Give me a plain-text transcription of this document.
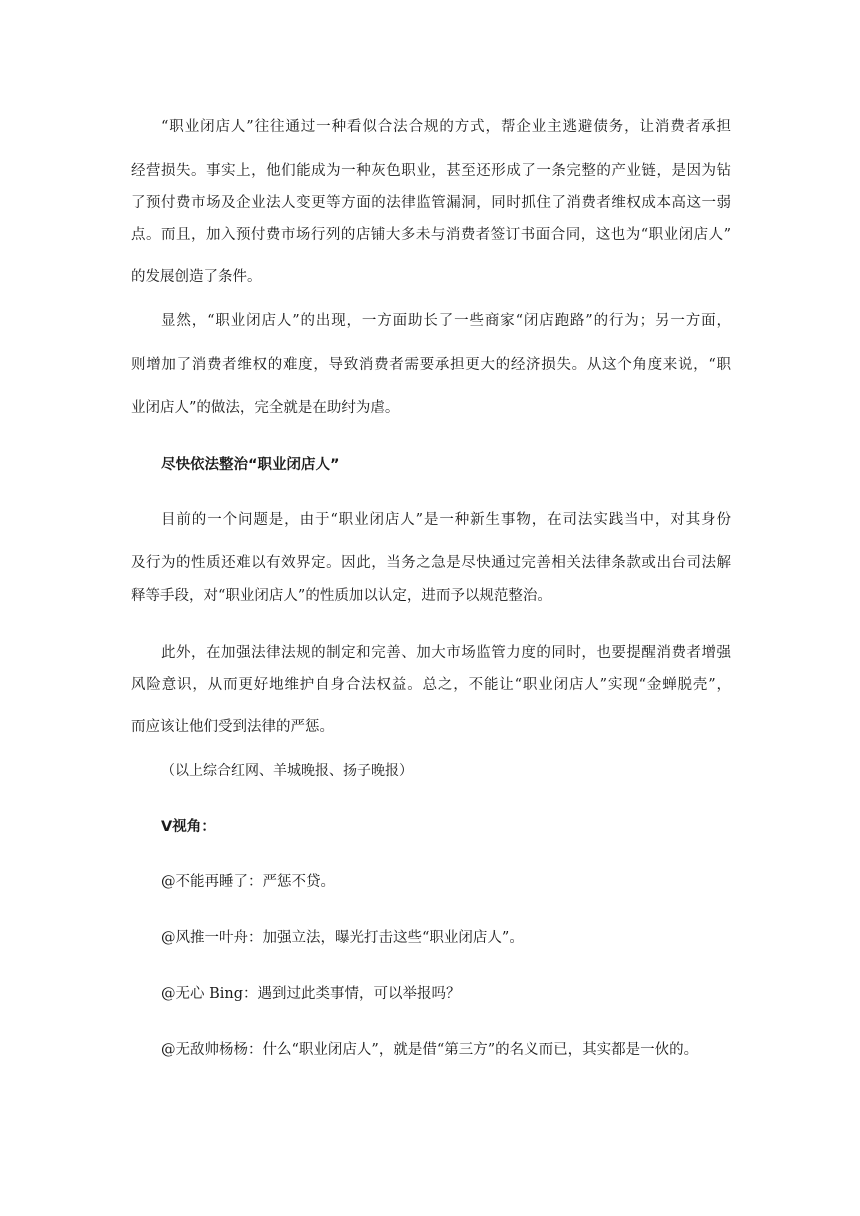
“职业闭店人”往往通过一种看似合法合规的方式，帮企业主逃避债务，让消费者承担
经营损失。事实上，他们能成为一种灰色职业，甚至还形成了一条完整的产业链，是因为钻
了预付费市场及企业法人变更等方面的法律监管漏洞，同时抓住了消费者维权成本高这一弱
点。而且，加入预付费市场行列的店铺大多未与消费者签订书面合同，这也为“职业闭店人”
的发展创造了条件。
显然，“职业闭店人”的出现，一方面助长了一些商家“闭店跑路”的行为；另一方面，
则增加了消费者维权的难度，导致消费者需要承担更大的经济损失。从这个角度来说，“职
业闭店人”的做法，完全就是在助纣为虐。
尽快依法整治“职业闭店人”
目前的一个问题是，由于“职业闭店人”是一种新生事物，在司法实践当中，对其身份
及行为的性质还难以有效界定。因此，当务之急是尽快通过完善相关法律条款或出台司法解
释等手段，对“职业闭店人”的性质加以认定，进而予以规范整治。
此外，在加强法律法规的制定和完善、加大市场监管力度的同时，也要提醒消费者增强
风险意识，从而更好地维护自身合法权益。总之，不能让“职业闭店人”实现“金蝉脱壳”，
而应该让他们受到法律的严惩。
（以上综合红网、羊城晚报、扬子晚报）
V视角：
@不能再睡了：严惩不贷。
@风推一叶舟：加强立法，曝光打击这些“职业闭店人”。
@无心 Bing：遇到过此类事情，可以举报吗？
@无敌帅杨杨：什么“职业闭店人”，就是借“第三方”的名义而已，其实都是一伙的。
